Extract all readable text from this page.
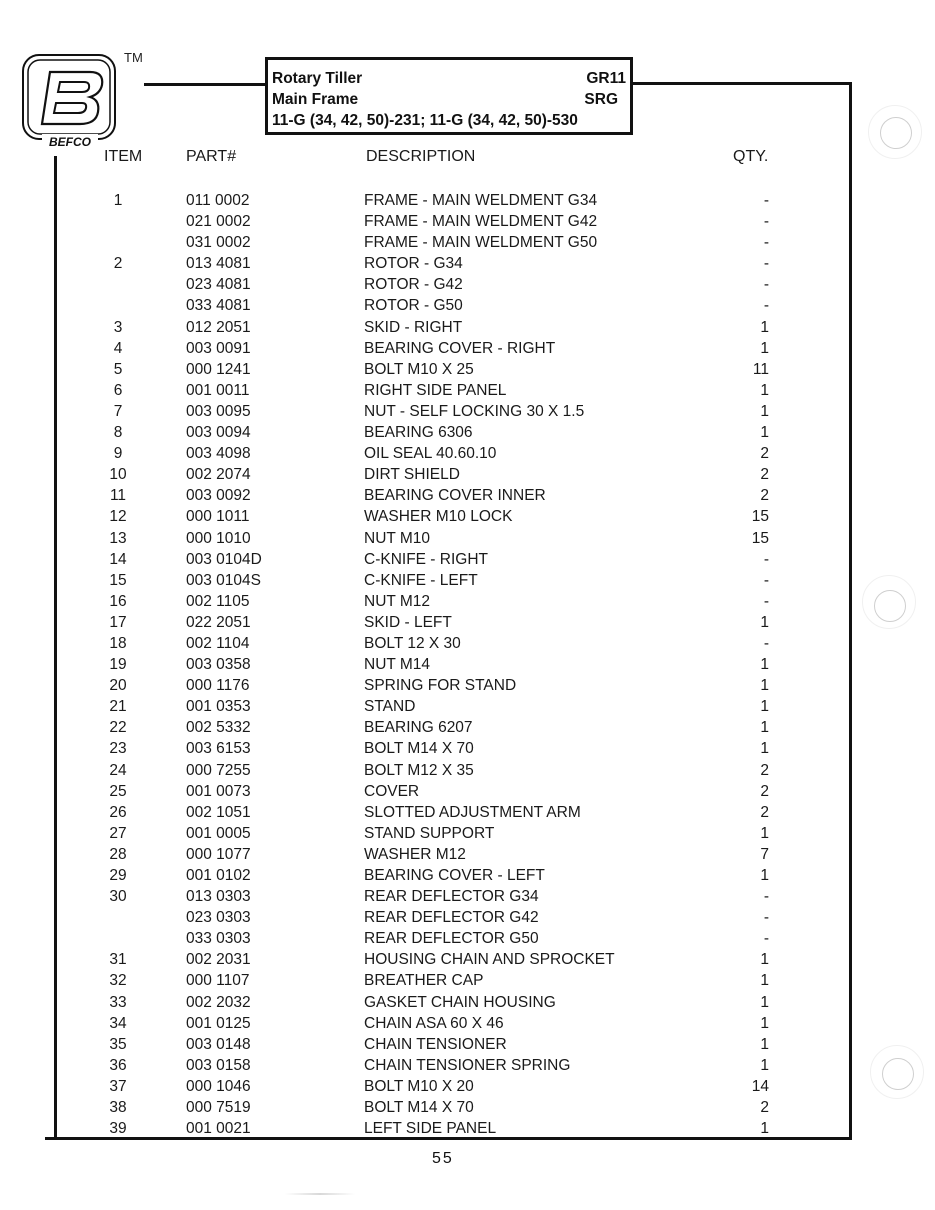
BEFCO
TM
Rotary Tiller	GR11
Main Frame	SRG
11-G (34, 42, 50)-231; 11-G (34, 42, 50)-530
ITEM	PART#	DESCRIPTION	QTY.
1	011 0002	FRAME - MAIN WELDMENT G34	-
021 0002	FRAME - MAIN WELDMENT G42	-
031 0002	FRAME - MAIN WELDMENT G50	-
2	013 4081	ROTOR - G34	-
023 4081	ROTOR - G42	-
033 4081	ROTOR - G50	-
3	012 2051	SKID - RIGHT	1
4	003 0091	BEARING COVER - RIGHT	1
5	000 1241	BOLT M10 X 25	11
6	001 0011	RIGHT SIDE PANEL	1
7	003 0095	NUT - SELF LOCKING 30 X 1.5	1
8	003 0094	BEARING 6306	1
9	003 4098	OIL SEAL 40.60.10	2
10	002 2074	DIRT SHIELD	2
11	003 0092	BEARING COVER INNER	2
12	000 1011	WASHER M10 LOCK	15
13	000 1010	NUT M10	15
14	003 0104D	C-KNIFE - RIGHT	-
15	003 0104S	C-KNIFE - LEFT	-
16	002 1105	NUT M12	-
17	022 2051	SKID - LEFT	1
18	002 1104	BOLT 12 X 30	-
19	003 0358	NUT M14	1
20	000 1176	SPRING FOR STAND	1
21	001 0353	STAND	1
22	002 5332	BEARING 6207	1
23	003 6153	BOLT M14 X 70	1
24	000 7255	BOLT M12 X 35	2
25	001 0073	COVER	2
26	002 1051	SLOTTED ADJUSTMENT ARM	2
27	001 0005	STAND SUPPORT	1
28	000 1077	WASHER M12	7
29	001 0102	BEARING COVER - LEFT	1
30	013 0303	REAR DEFLECTOR G34	-
023 0303	REAR DEFLECTOR G42	-
033 0303	REAR DEFLECTOR G50	-
31	002 2031	HOUSING CHAIN AND SPROCKET	1
32	000 1107	BREATHER CAP	1
33	002 2032	GASKET CHAIN HOUSING	1
34	001 0125	CHAIN ASA 60 X 46	1
35	003 0148	CHAIN TENSIONER	1
36	003 0158	CHAIN TENSIONER SPRING	1
37	000 1046	BOLT M10 X 20	14
38	000 7519	BOLT M14 X 70	2
39	001 0021	LEFT SIDE PANEL	1
55
